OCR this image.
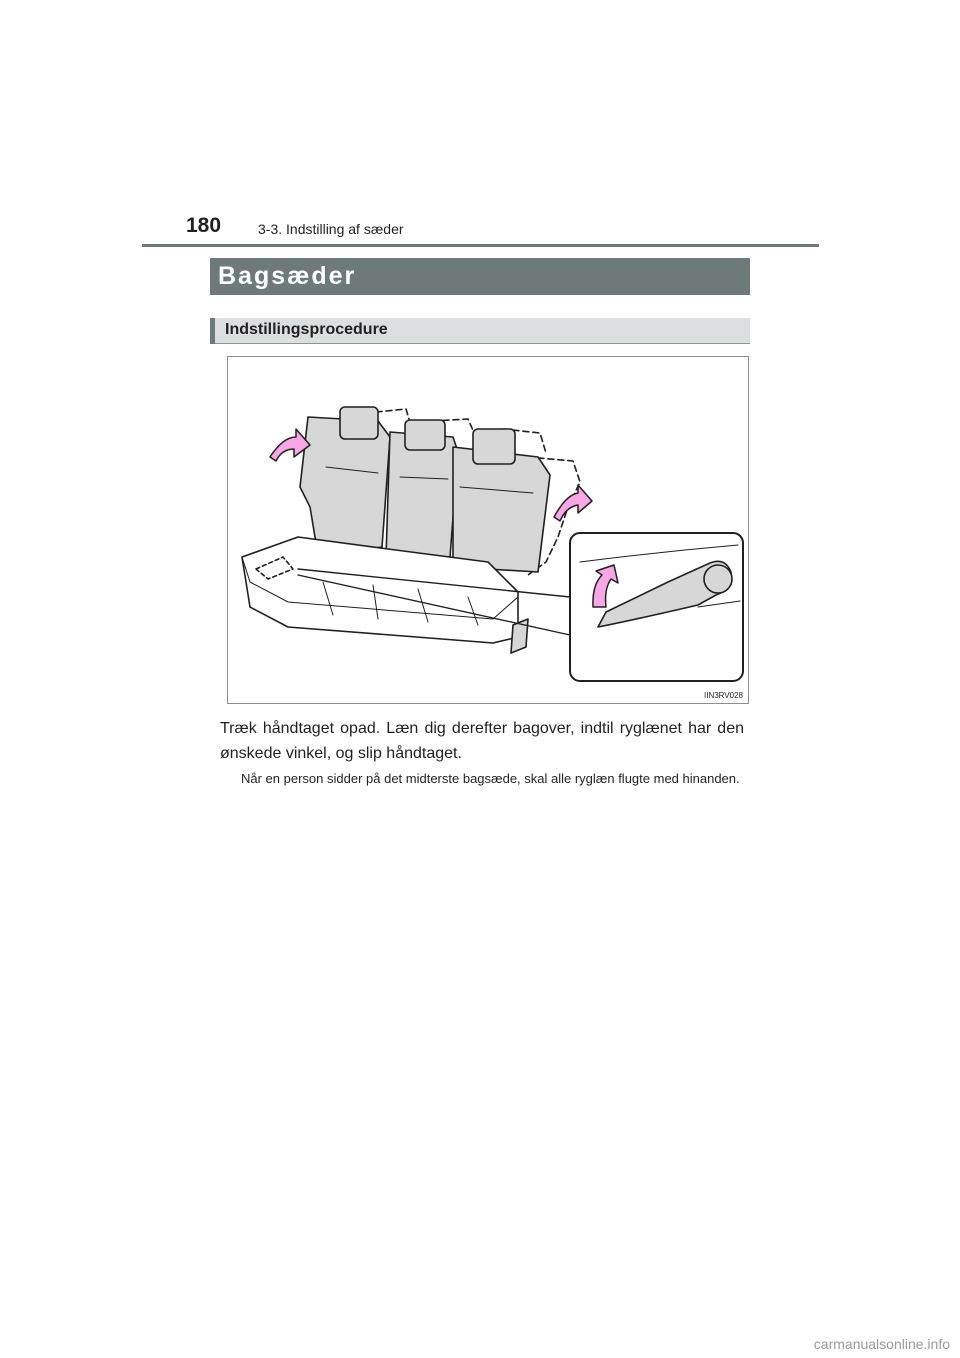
180	3-3. Indstilling af sæder
Bagsæder
Indstillingsprocedure
IIN3RV028
Træk håndtaget opad. Læn dig derefter bagover, indtil ryglænet har den ønskede vinkel, og slip håndtaget.
Når en person sidder på det midterste bagsæde, skal alle ryglæn flugte med hinanden.
carmanualsonline.info
